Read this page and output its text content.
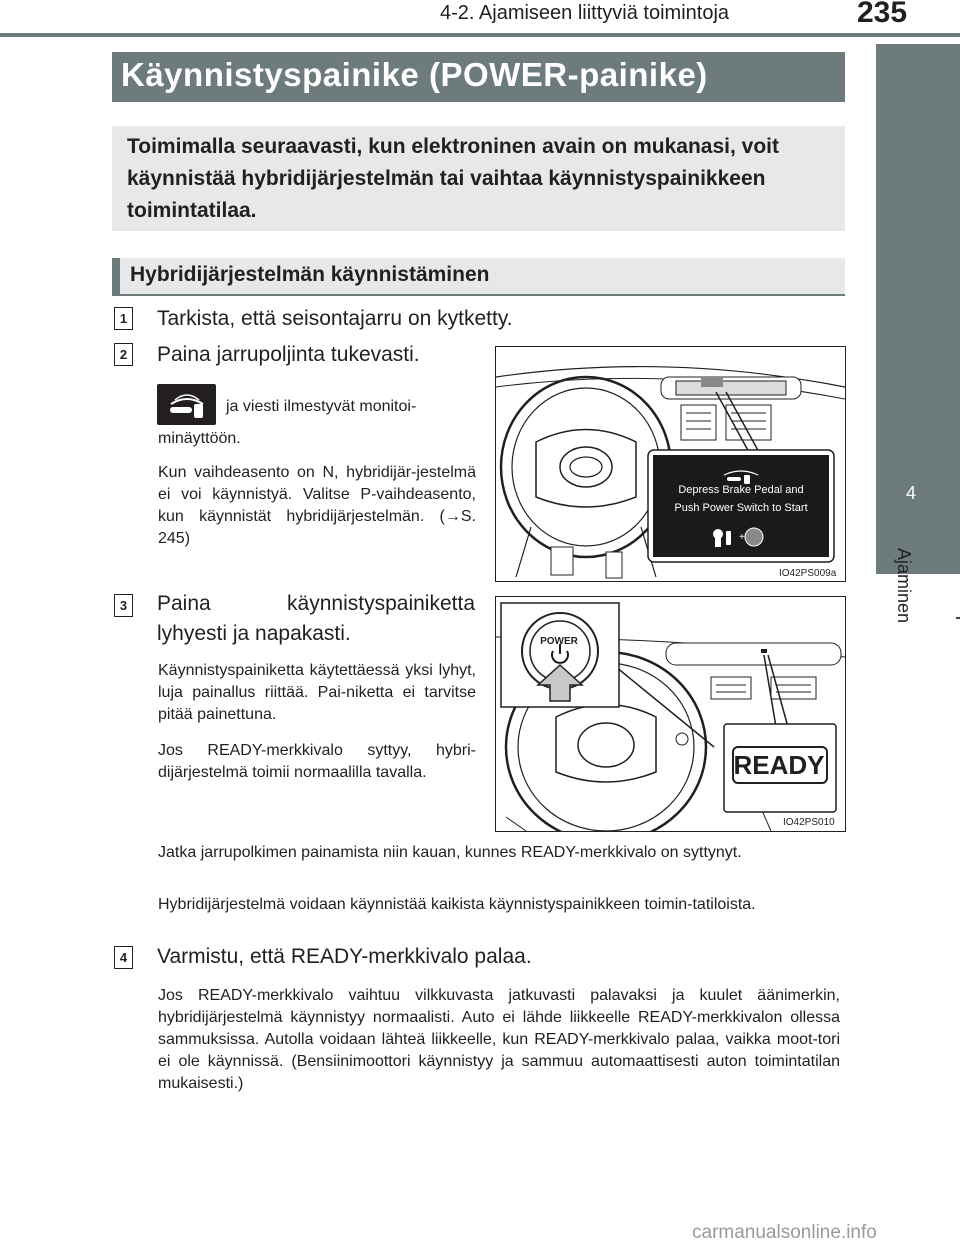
4-2. Ajamiseen liittyviä toimintoja	235
4
Ajaminen
Käynnistyspainike (POWER-painike)
Toimimalla seuraavasti, kun elektroninen avain on mukanasi, voit käynnistää hybridijärjestelmän tai vaihtaa käynnistyspainikkeen toimintatilaa.
Hybridijärjestelmän käynnistäminen
1 Tarkista, että seisontajarru on kytketty.
2 Paina jarrupoljinta tukevasti.
ja viesti ilmestyvät monitoi-
minäyttöön.
Kun vaihdeasento on N, hybridijär-jestelmä ei voi käynnistyä. Valitse P-vaihdeasento, kun käynnistät hybridijärjestelmän. (→S. 245)	+
Depress Brake Pedal and
Push Power Switch to Start
IO42PS009a
3 Paina käynnistyspainiketta
lyhyesti ja napakasti.
Käynnistyspainiketta käytettäessä yksi lyhyt, luja painallus riittää. Pai-niketta ei tarvitse pitää painettuna.
Jos READY-merkkivalo syttyy, hybri-dijärjestelmä toimii normaalilla tavalla.
POWER
READY
IO42PS010
Jatka jarrupolkimen painamista niin kauan, kunnes READY-merkkivalo on syttynyt.
Hybridijärjestelmä voidaan käynnistää kaikista käynnistyspainikkeen toimin-tatiloista.
4 Varmistu, että READY-merkkivalo palaa.
Jos READY-merkkivalo vaihtuu vilkkuvasta jatkuvasti palavaksi ja kuulet äänimerkin, hybridijärjestelmä käynnistyy normaalisti. Auto ei lähde liikkeelle READY-merkkivalon ollessa sammuksissa. Autolla voidaan lähteä liikkeelle, kun READY-merkkivalo palaa, vaikka moot-tori ei ole käynnissä. (Bensiinimoottori käynnistyy ja sammuu automaattisesti auton toimintatilan mukaisesti.)
carmanualsonline.info
